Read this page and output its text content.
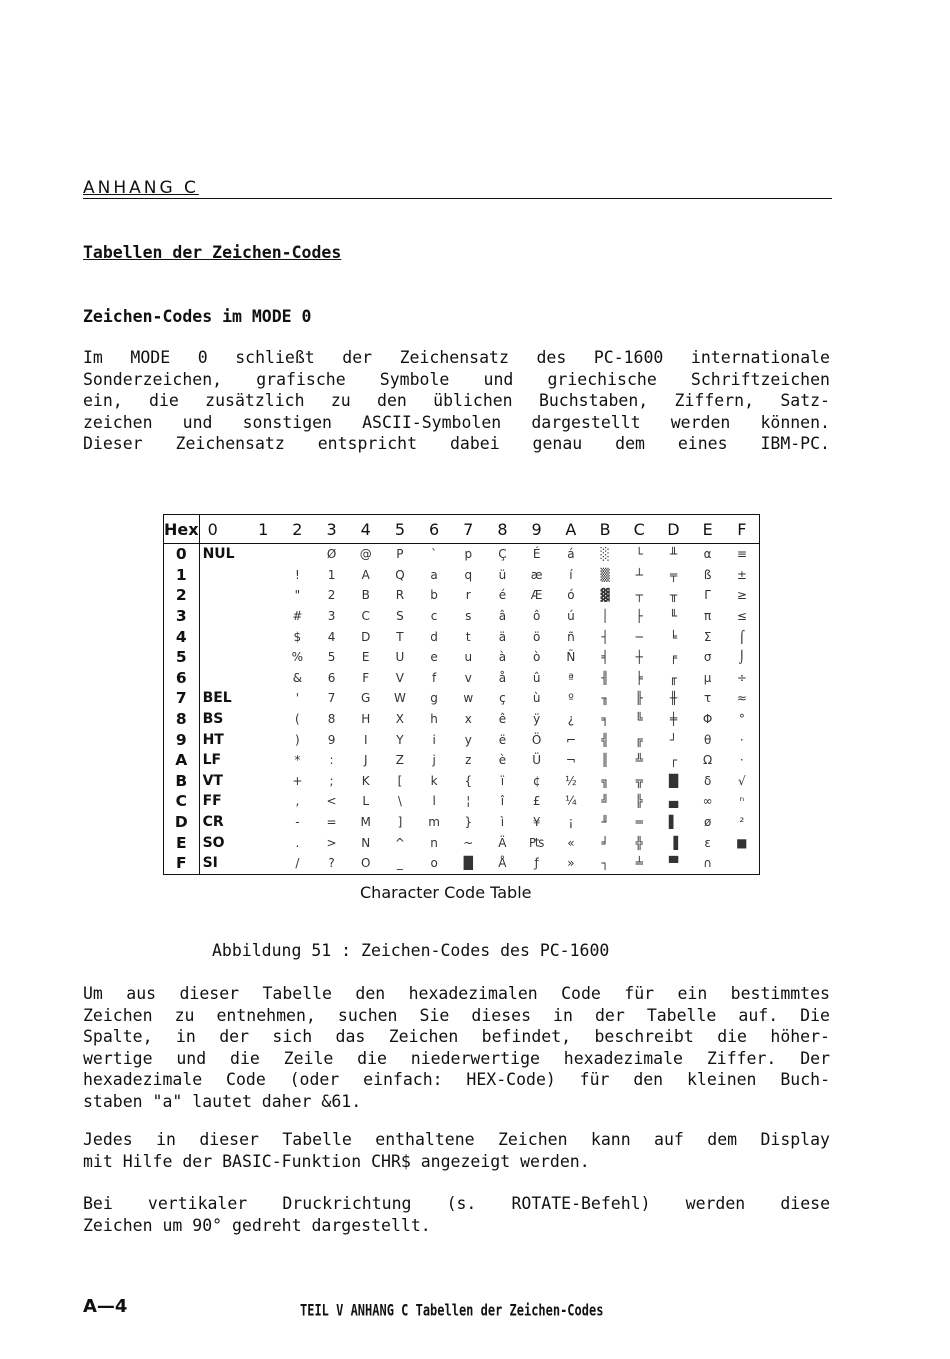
ANHANG C
Tabellen der Zeichen-Codes
Zeichen-Codes im MODE 0
Im MODE 0 schließt der Zeichensatz des PC-1600 internationale
Sonderzeichen, grafische Symbole und griechische Schriftzeichen
ein, die zusätzlich zu den üblichen Buchstaben, Ziffern, Satz-
zeichen und sonstigen ASCII-Symbolen dargestellt werden können.
Dieser Zeichensatz entspricht dabei genau dem eines IBM-PC.
Hex	0	1	2	3	4	5	6	7	8	9	A	B	C	D	E	F
0	NUL			Ø	@	P	`	p	Ç	É	á	░	└	╨	α	≡
1			!	1	A	Q	a	q	ü	æ	í	▒	┴	╤	ß	±
2			"	2	B	R	b	r	é	Æ	ó	▓	┬	╥	Γ	≥
3			#	3	C	S	c	s	â	ô	ú	│	├	╙	π	≤
4			$	4	D	T	d	t	ä	ö	ñ	┤	─	╘	Σ	⌠
5			%	5	E	U	e	u	à	ò	Ñ	╡	┼	╒	σ	⌡
6			&	6	F	V	f	v	å	û	ª	╢	╞	╓	µ	÷
7	BEL		'	7	G	W	g	w	ç	ù	º	╖	╟	╫	τ	≈
8	BS		(	8	H	X	h	x	ê	ÿ	¿	╕	╚	╪	Φ	°
9	HT		)	9	I	Y	i	y	ë	Ö	⌐	╣	╔	┘	θ	·
A	LF		*	:	J	Z	j	z	è	Ü	¬	║	╩	┌	Ω	·
B	VT		+	;	K	[	k	{	ï	¢	½	╗	╦	█	δ	√
C	FF		,	<	L	\	l	¦	î	£	¼	╝	╠	▄	∞	ⁿ
D	CR		-	=	M	]	m	}	ì	¥	¡	╜	═	▌	ø	²
E	SO		.	>	N	^	n	~	Ä	₧	«	╛	╬	▐	ε	■
F	SI		/	?	O	_	o	█	Å	ƒ	»	┐	╧	▀	∩	
Character Code Table
Abbildung 51 : Zeichen-Codes des PC-1600
Um aus dieser Tabelle den hexadezimalen Code für ein bestimmtes
Zeichen zu entnehmen, suchen Sie dieses in der Tabelle auf. Die
Spalte, in der sich das Zeichen befindet, beschreibt die höher-
wertige und die Zeile die niederwertige hexadezimale Ziffer. Der
hexadezimale Code (oder einfach: HEX-Code) für den kleinen Buch-
staben "a" lautet daher &61.
Jedes in dieser Tabelle enthaltene Zeichen kann auf dem Display
mit Hilfe der BASIC-Funktion CHR$ angezeigt werden.
Bei vertikaler Druckrichtung (s. ROTATE-Befehl) werden diese
Zeichen um 90° gedreht dargestellt.
A—4	TEIL V ANHANG C Tabellen der Zeichen-Codes
